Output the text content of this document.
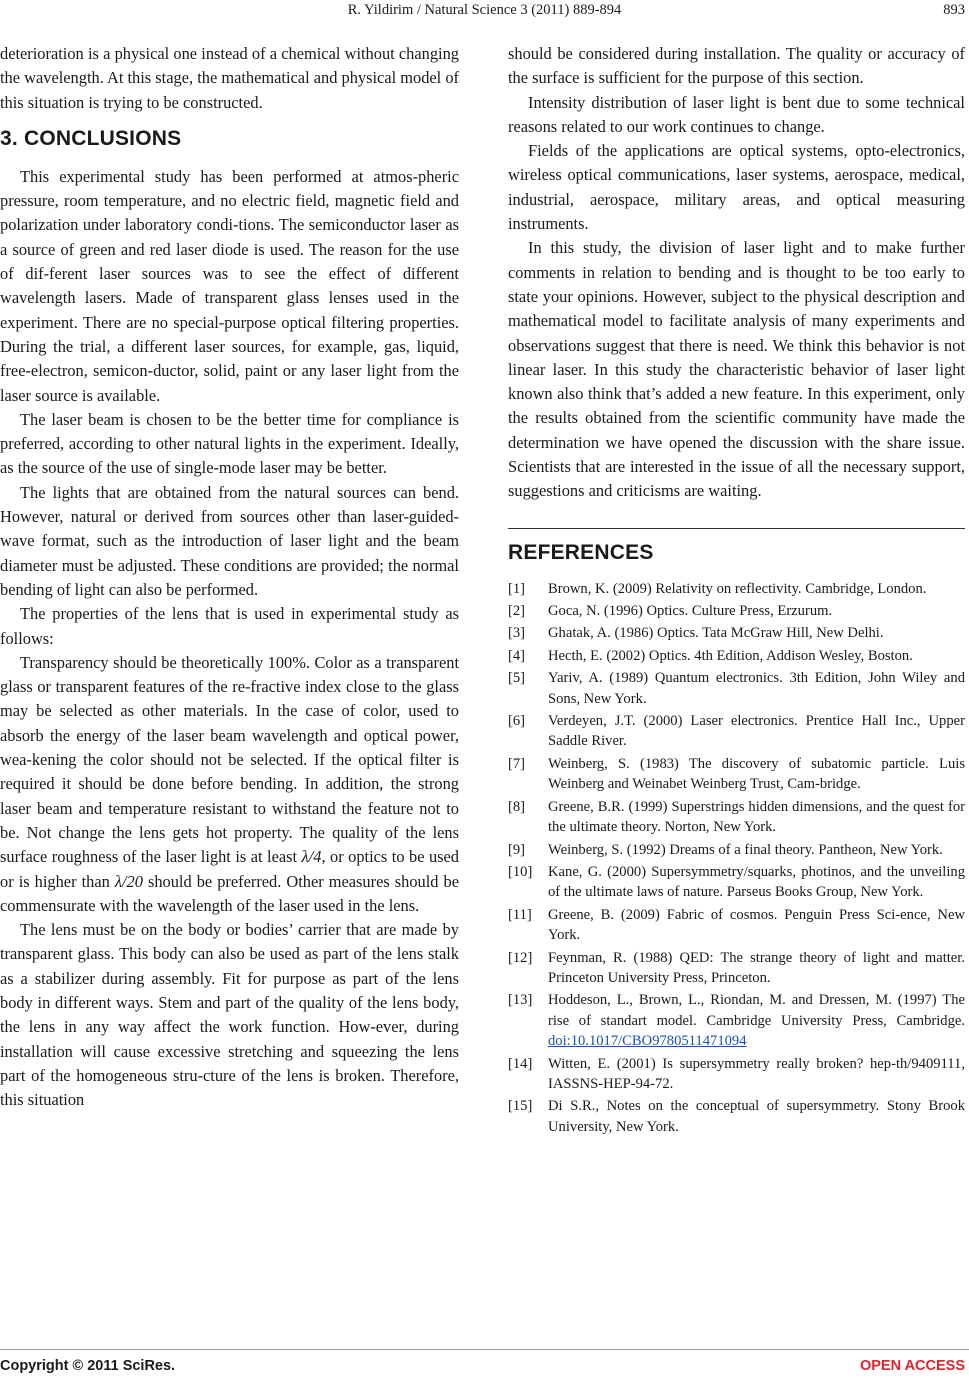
R. Yildirim / Natural Science 3 (2011) 889-894	893

deterioration is a physical one instead of a chemical without changing the wavelength. At this stage, the mathematical and physical model of this situation is trying to be constructed.

3. CONCLUSIONS

This experimental study has been performed at atmos-pheric pressure, room temperature, and no electric field, magnetic field and polarization under laboratory condi-tions. The semiconductor laser as a source of green and red laser diode is used. The reason for the use of dif-ferent laser sources was to see the effect of different wavelength lasers. Made of transparent glass lenses used in the experiment. There are no special-purpose optical filtering properties. During the trial, a different laser sources, for example, gas, liquid, free-electron, semicon-ductor, solid, paint or any laser light from the laser source is available.

The laser beam is chosen to be the better time for compliance is preferred, according to other natural lights in the experiment. Ideally, as the source of the use of single-mode laser may be better.

The lights that are obtained from the natural sources can bend. However, natural or derived from sources other than laser-guided-wave format, such as the introduction of laser light and the beam diameter must be adjusted. These conditions are provided; the normal bending of light can also be performed.

The properties of the lens that is used in experimental study as follows:

Transparency should be theoretically 100%. Color as a transparent glass or transparent features of the re-fractive index close to the glass may be selected as other materials. In the case of color, used to absorb the energy of the laser beam wavelength and optical power, wea-kening the color should not be selected. If the optical filter is required it should be done before bending. In addition, the strong laser beam and temperature resistant to withstand the feature not to be. Not change the lens gets hot property. The quality of the lens surface roughness of the laser light is at least λ/4, or optics to be used or is higher than λ/20 should be preferred. Other measures should be commensurate with the wavelength of the laser used in the lens.

The lens must be on the body or bodies’ carrier that are made by transparent glass. This body can also be used as part of the lens stalk as a stabilizer during assembly. Fit for purpose as part of the lens body in different ways. Stem and part of the quality of the lens body, the lens in any way affect the work function. How-ever, during installation will cause excessive stretching and squeezing the lens part of the homogeneous stru-cture of the lens is broken. Therefore, this situation

should be considered during installation. The quality or accuracy of the surface is sufficient for the purpose of this section.

Intensity distribution of laser light is bent due to some technical reasons related to our work continues to change.

Fields of the applications are optical systems, opto-electronics, wireless optical communications, laser systems, aerospace, medical, industrial, aerospace, military areas, and optical measuring instruments.

In this study, the division of laser light and to make further comments in relation to bending and is thought to be too early to state your opinions. However, subject to the physical description and mathematical model to facilitate analysis of many experiments and observations suggest that there is need. We think this behavior is not linear laser. In this study the characteristic behavior of laser light known also think that’s added a new feature. In this experiment, only the results obtained from the scientific community have made the determination we have opened the discussion with the share issue. Scientists that are interested in the issue of all the necessary support, suggestions and criticisms are waiting.

REFERENCES
[1]	Brown, K. (2009) Relativity on reflectivity. Cambridge, London.
[2]	Goca, N. (1996) Optics. Culture Press, Erzurum.
[3]	Ghatak, A. (1986) Optics. Tata McGraw Hill, New Delhi.
[4]	Hecth, E. (2002) Optics. 4th Edition, Addison Wesley, Boston.
[5]	Yariv, A. (1989) Quantum electronics. 3th Edition, John Wiley and Sons, New York.
[6]	Verdeyen, J.T. (2000) Laser electronics. Prentice Hall Inc., Upper Saddle River.
[7]	Weinberg, S. (1983) The discovery of subatomic particle. Luis Weinberg and Weinabet Weinberg Trust, Cam-bridge.
[8]	Greene, B.R. (1999) Superstrings hidden dimensions, and the quest for the ultimate theory. Norton, New York.
[9]	Weinberg, S. (1992) Dreams of a final theory. Pantheon, New York.
[10]	Kane, G. (2000) Supersymmetry/squarks, photinos, and the unveiling of the ultimate laws of nature. Parseus Books Group, New York.
[11]	Greene, B. (2009) Fabric of cosmos. Penguin Press Sci-ence, New York.
[12]	Feynman, R. (1988) QED: The strange theory of light and matter. Princeton University Press, Princeton.
[13]	Hoddeson, L., Brown, L., Riondan, M. and Dressen, M. (1997) The rise of standart model. Cambridge University Press, Cambridge. doi:10.1017/CBO9780511471094
[14]	Witten, E. (2001) Is supersymmetry really broken? hep-th/9409111, IASSNS-HEP-94-72.
[15]	Di S.R., Notes on the conceptual of supersymmetry. Stony Brook University, New York.
Copyright © 2011 SciRes.	OPEN ACCESS
